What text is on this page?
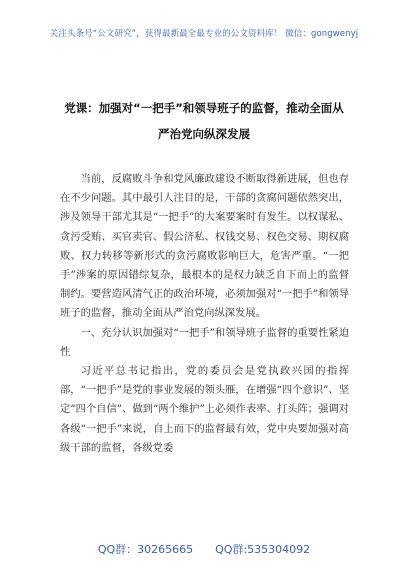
关注头条号“公文研究”，获得最新最全最专业的公文资料库！ 微信：gongwenyj
党课：加强对“一把手”和领导班子的监督，推动全面从
严治党向纵深发展

当前，反腐败斗争和党风廉政建设不断取得新进展，但也存在不少问题。其中最引人注目的是，干部的贪腐问题依然突出，涉及领导干部尤其是“一把手”的大案要案时有发生。以权谋私、贪污受贿、买官卖官、假公济私、权钱交易、权色交易、期权腐败、权力转移等新形式的贪污腐败影响巨大，危害严重。“一把手”涉案的原因错综复杂，最根本的是权力缺乏自下而上的监督制约。要营造风清气正的政治环境，必须加强对“一把手”和领导班子的监督，推动全面从严治党向纵深发展。

一、充分认识加强对“一把手”和领导班子监督的重要性紧迫性

习近平总书记指出，党的委员会是党执政兴国的指挥部，“一把手”是党的事业发展的领头雁，在增强“四个意识”、坚定“四个自信”、做到“两个维护”上必须作表率、打头阵；强调对各级“一把手”来说，自上而下的监督最有效，党中央要加强对高级干部的监督，各级党委

QQ群：30265665 QQ群:535304092
